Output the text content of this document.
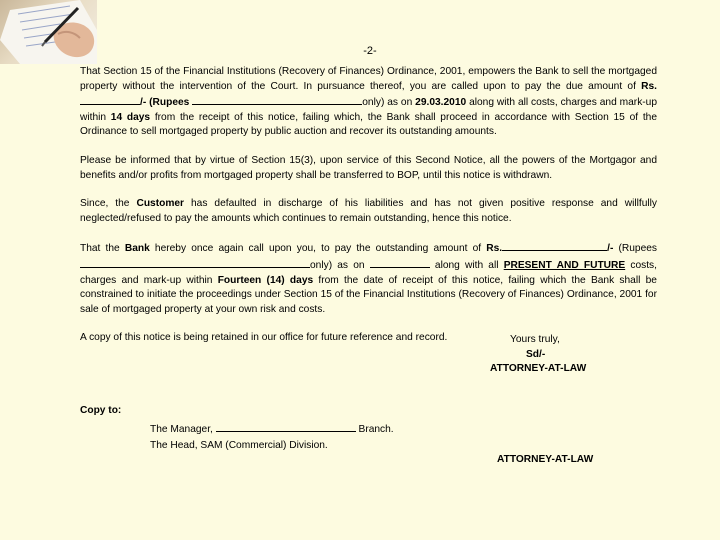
-2-

That Section 15 of the Financial Institutions (Recovery of Finances) Ordinance, 2001, empowers the Bank to sell the mortgaged property without the intervention of the Court. In pursuance thereof, you are called upon to pay the due amount of Rs./- (Rupees	only) as on 29.03.2010 along with all costs, charges and mark-up within 14 days from the receipt of this notice, failing which, the Bank shall proceed in accordance with Section 15 of the Ordinance to sell mortgaged property by public auction and recover its outstanding amounts.

Please be informed that by virtue of Section 15(3), upon service of this Second Notice, all the powers of the Mortgagor and benefits and/or profits from mortgaged property shall be transferred to BOP, until this notice is withdrawn.

Since, the Customer has defaulted in discharge of his liabilities and has not given positive response and willfully neglected/refused to pay the amounts which continues to remain outstanding, hence this notice.

That the Bank hereby once again call upon you, to pay the outstanding amount of Rs.	/- (Rupees only) as on	along with all PRESENT AND FUTURE costs, charges and mark-up within Fourteen (14) days from the date of receipt of this notice, failing which the Bank shall be constrained to initiate the proceedings under Section 15 of the Financial Institutions (Recovery of Finances) Ordinance, 2001 for sale of mortgaged property at your own risk and costs.

A copy of this notice is being retained in our office for future reference and record.	Yours truly,
Sd/-
ATTORNEY-AT-LAW
Copy to:
The Manager,	Branch.
The Head, SAM (Commercial) Division.
ATTORNEY-AT-LAW
